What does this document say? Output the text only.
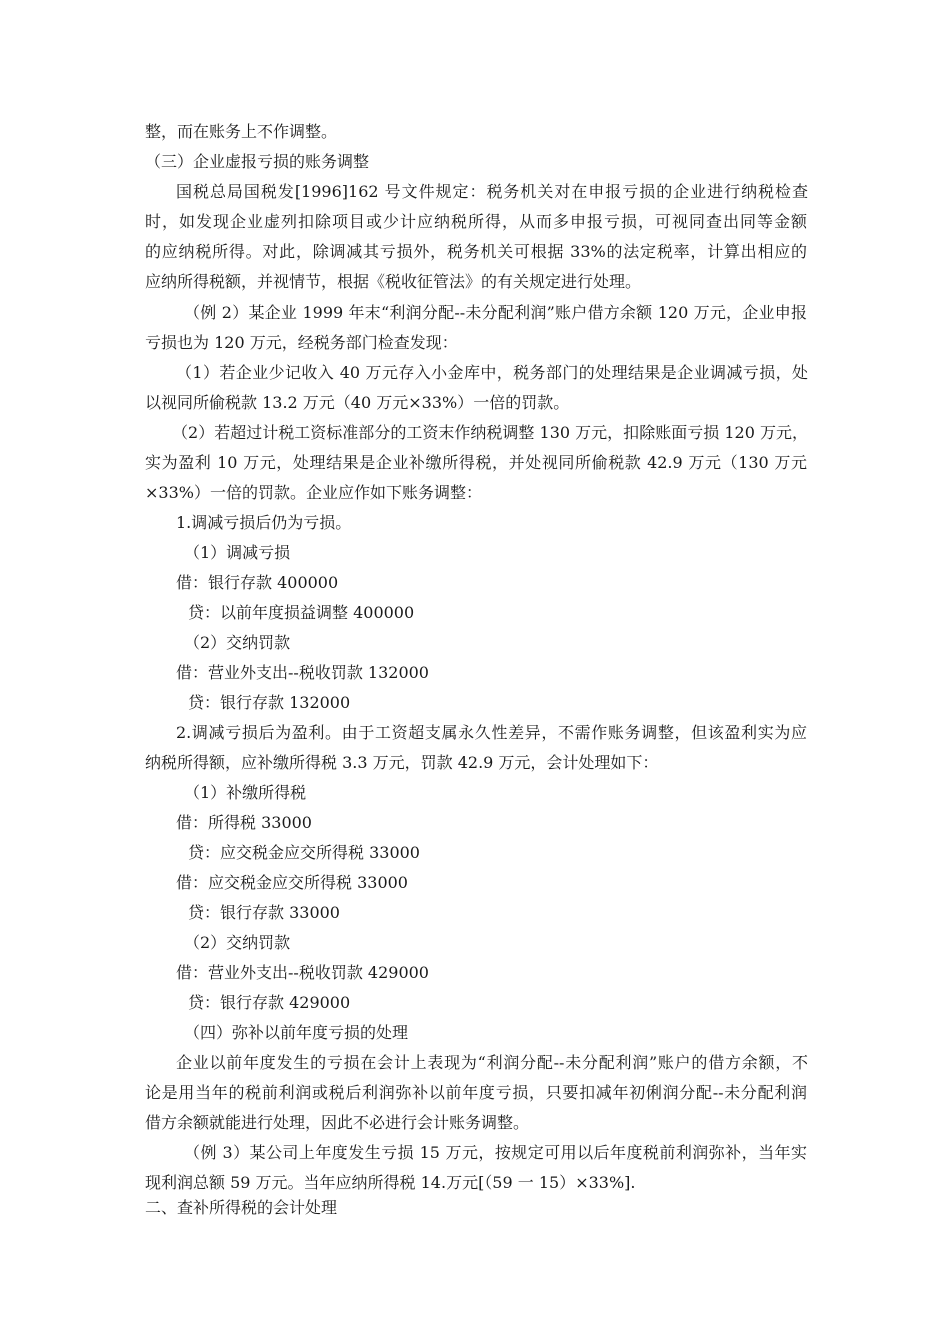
整，而在账务上不作调整。
（三）企业虚报亏损的账务调整
国税总局国税发[1996]162 号文件规定：税务机关对在申报亏损的企业进行纳税检查
时，如发现企业虚列扣除项目或少计应纳税所得，从而多申报亏损，可视同查出同等金额
的应纳税所得。对此，除调减其亏损外，税务机关可根据 33%的法定税率，计算出相应的
应纳所得税额，并视情节，根据《税收征管法》的有关规定进行处理。
（例 2）某企业 1999 年末“利润分配--未分配利润”账户借方余额 120 万元，企业申报
亏损也为 120 万元，经税务部门检查发现：
（1）若企业少记收入 40 万元存入小金库中，税务部门的处理结果是企业调减亏损，处
以视同所偷税款 13.2 万元（40 万元×33%）一倍的罚款。
（2）若超过计税工资标准部分的工资末作纳税调整 130 万元，扣除账面亏损 120 万元，
实为盈利 10 万元，处理结果是企业补缴所得税，并处视同所偷税款 42.9 万元（130 万元
×33%）一倍的罚款。企业应作如下账务调整：
1.调减亏损后仍为亏损。
（1）调减亏损
借：银行存款 400000
贷：以前年度损益调整 400000
（2）交纳罚款
借：营业外支出--税收罚款 132000
贷：银行存款 132000
2.调减亏损后为盈利。由于工资超支属永久性差异，不需作账务调整，但该盈利实为应
纳税所得额，应补缴所得税 3.3 万元，罚款 42.9 万元，会计处理如下：
（1）补缴所得税
借：所得税 33000
贷：应交税金应交所得税 33000
借：应交税金应交所得税 33000
贷：银行存款 33000
（2）交纳罚款
借：营业外支出--税收罚款 429000
贷：银行存款 429000
（四）弥补以前年度亏损的处理
企业以前年度发生的亏损在会计上表现为“利润分配--未分配利润”账户的借方余额，不
论是用当年的税前利润或税后利润弥补以前年度亏损，只要扣减年初俐润分配--未分配利润
借方余额就能进行处理，因此不必进行会计账务调整。
（例 3）某公司上年度发生亏损 15 万元，按规定可用以后年度税前利润弥补，当年实
现利润总额 59 万元。当年应纳所得税 14.万元[（59 一 15）×33%].
二、查补所得税的会计处理
